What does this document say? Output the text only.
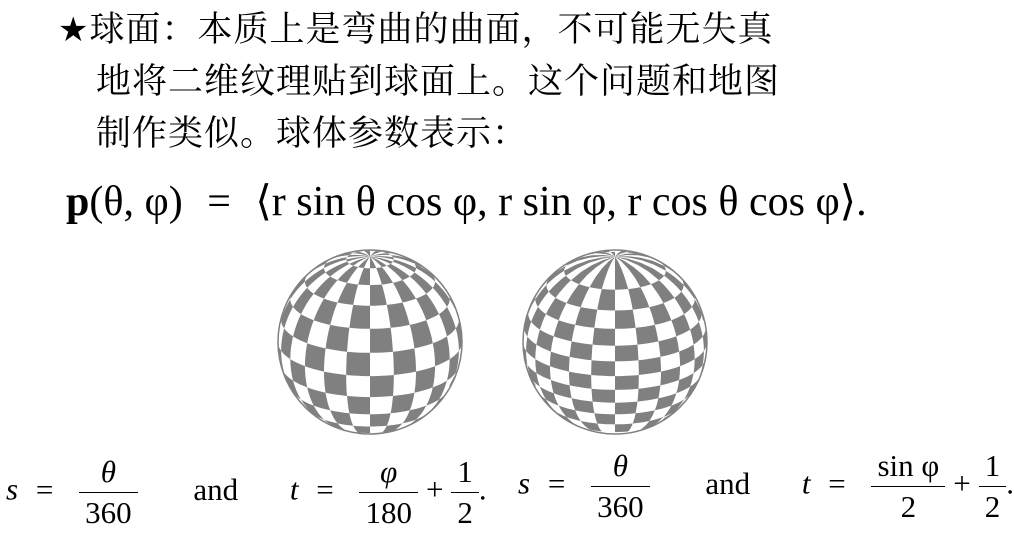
★球面：本质上是弯曲的曲面，不可能无失真
地将二维纹理贴到球面上。这个问题和地图
制作类似。球体参数表示：
p(θ, φ) = ⟨r sin θ cos φ, r sin φ, r cos θ cos φ⟩.
$s = \frac{\theta}{360}$ and $t = \frac{\varphi}{180} + \frac{1}{2}$ . $s = \frac{\theta}{360}$ and $t = \frac{\text{sin φ}}{2} + \frac{1}{2}$ .
